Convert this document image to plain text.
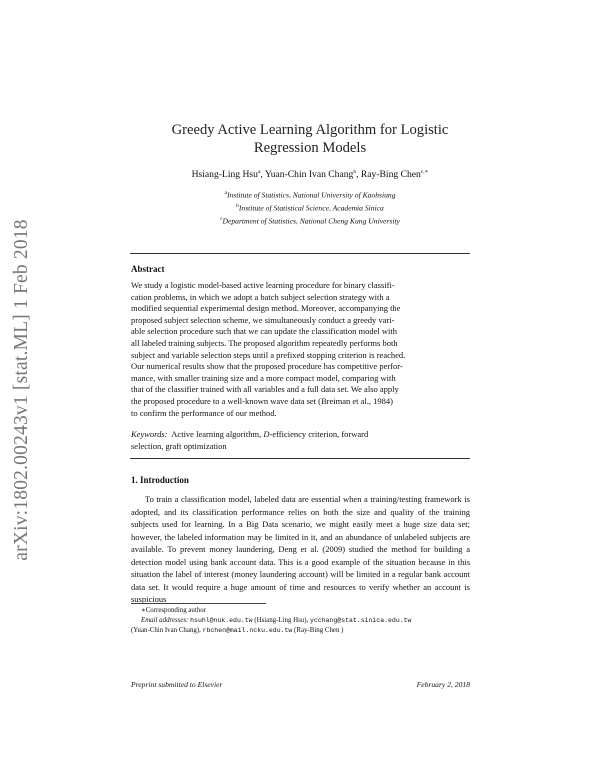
arXiv:1802.00243v1 [stat.ML] 1 Feb 2018
Greedy Active Learning Algorithm for Logistic
Regression Models
Hsiang-Ling Hsu$^a$, Yuan-Chin Ivan Chang$^b$, Ray-Bing Chen$^{c,∗}$
$^a$Institute of Statistics, National University of Kaohsiung
$^b$Institute of Statistical Science, Academia Sinica
$^c$Department of Statistics, National Cheng Kung University
Abstract
We study a logistic model-based active learning procedure for binary classifi-
cation problems, in which we adopt a batch subject selection strategy with a
modified sequential experimental design method. Moreover, accompanying the
proposed subject selection scheme, we simultaneously conduct a greedy vari-
able selection procedure such that we can update the classification model with
all labeled training subjects. The proposed algorithm repeatedly performs both
subject and variable selection steps until a prefixed stopping criterion is reached.
Our numerical results show that the proposed procedure has competitive perfor-
mance, with smaller training size and a more compact model, comparing with
that of the classifier trained with all variables and a full data set. We also apply
the proposed procedure to a well-known wave data set (Breiman et al., 1984)
to confirm the performance of our method.
Keywords: Active learning algorithm, D-efficiency criterion, forward
selection, graft optimization
1. Introduction
To train a classification model, labeled data are essential when a training/testing framework is adopted, and its classification performance relies on both the size and quality of the training subjects used for learning. In a Big Data scenario, we might easily meet a huge size data set; however, the labeled information may be limited in it, and an abundance of unlabeled subjects are available. To prevent money laundering, Deng et al. (2009) studied the method for building a detection model using bank account data. This is a good example of the situation because in this situation the label of interest (money laundering account) will be limited in a regular bank account data set. It would require a huge amount of time and resources to verify whether an account is suspicious
∗Corresponding author
Email addresses: hsuhl@nuk.edu.tw (Hsiang-Ling Hsu), ycchang@stat.sinica.edu.tw
(Yuan-Chin Ivan Chang), rbchen@mail.ncku.edu.tw (Ray-Bing Chen )
Preprint submitted to Elsevier	February 2, 2018
